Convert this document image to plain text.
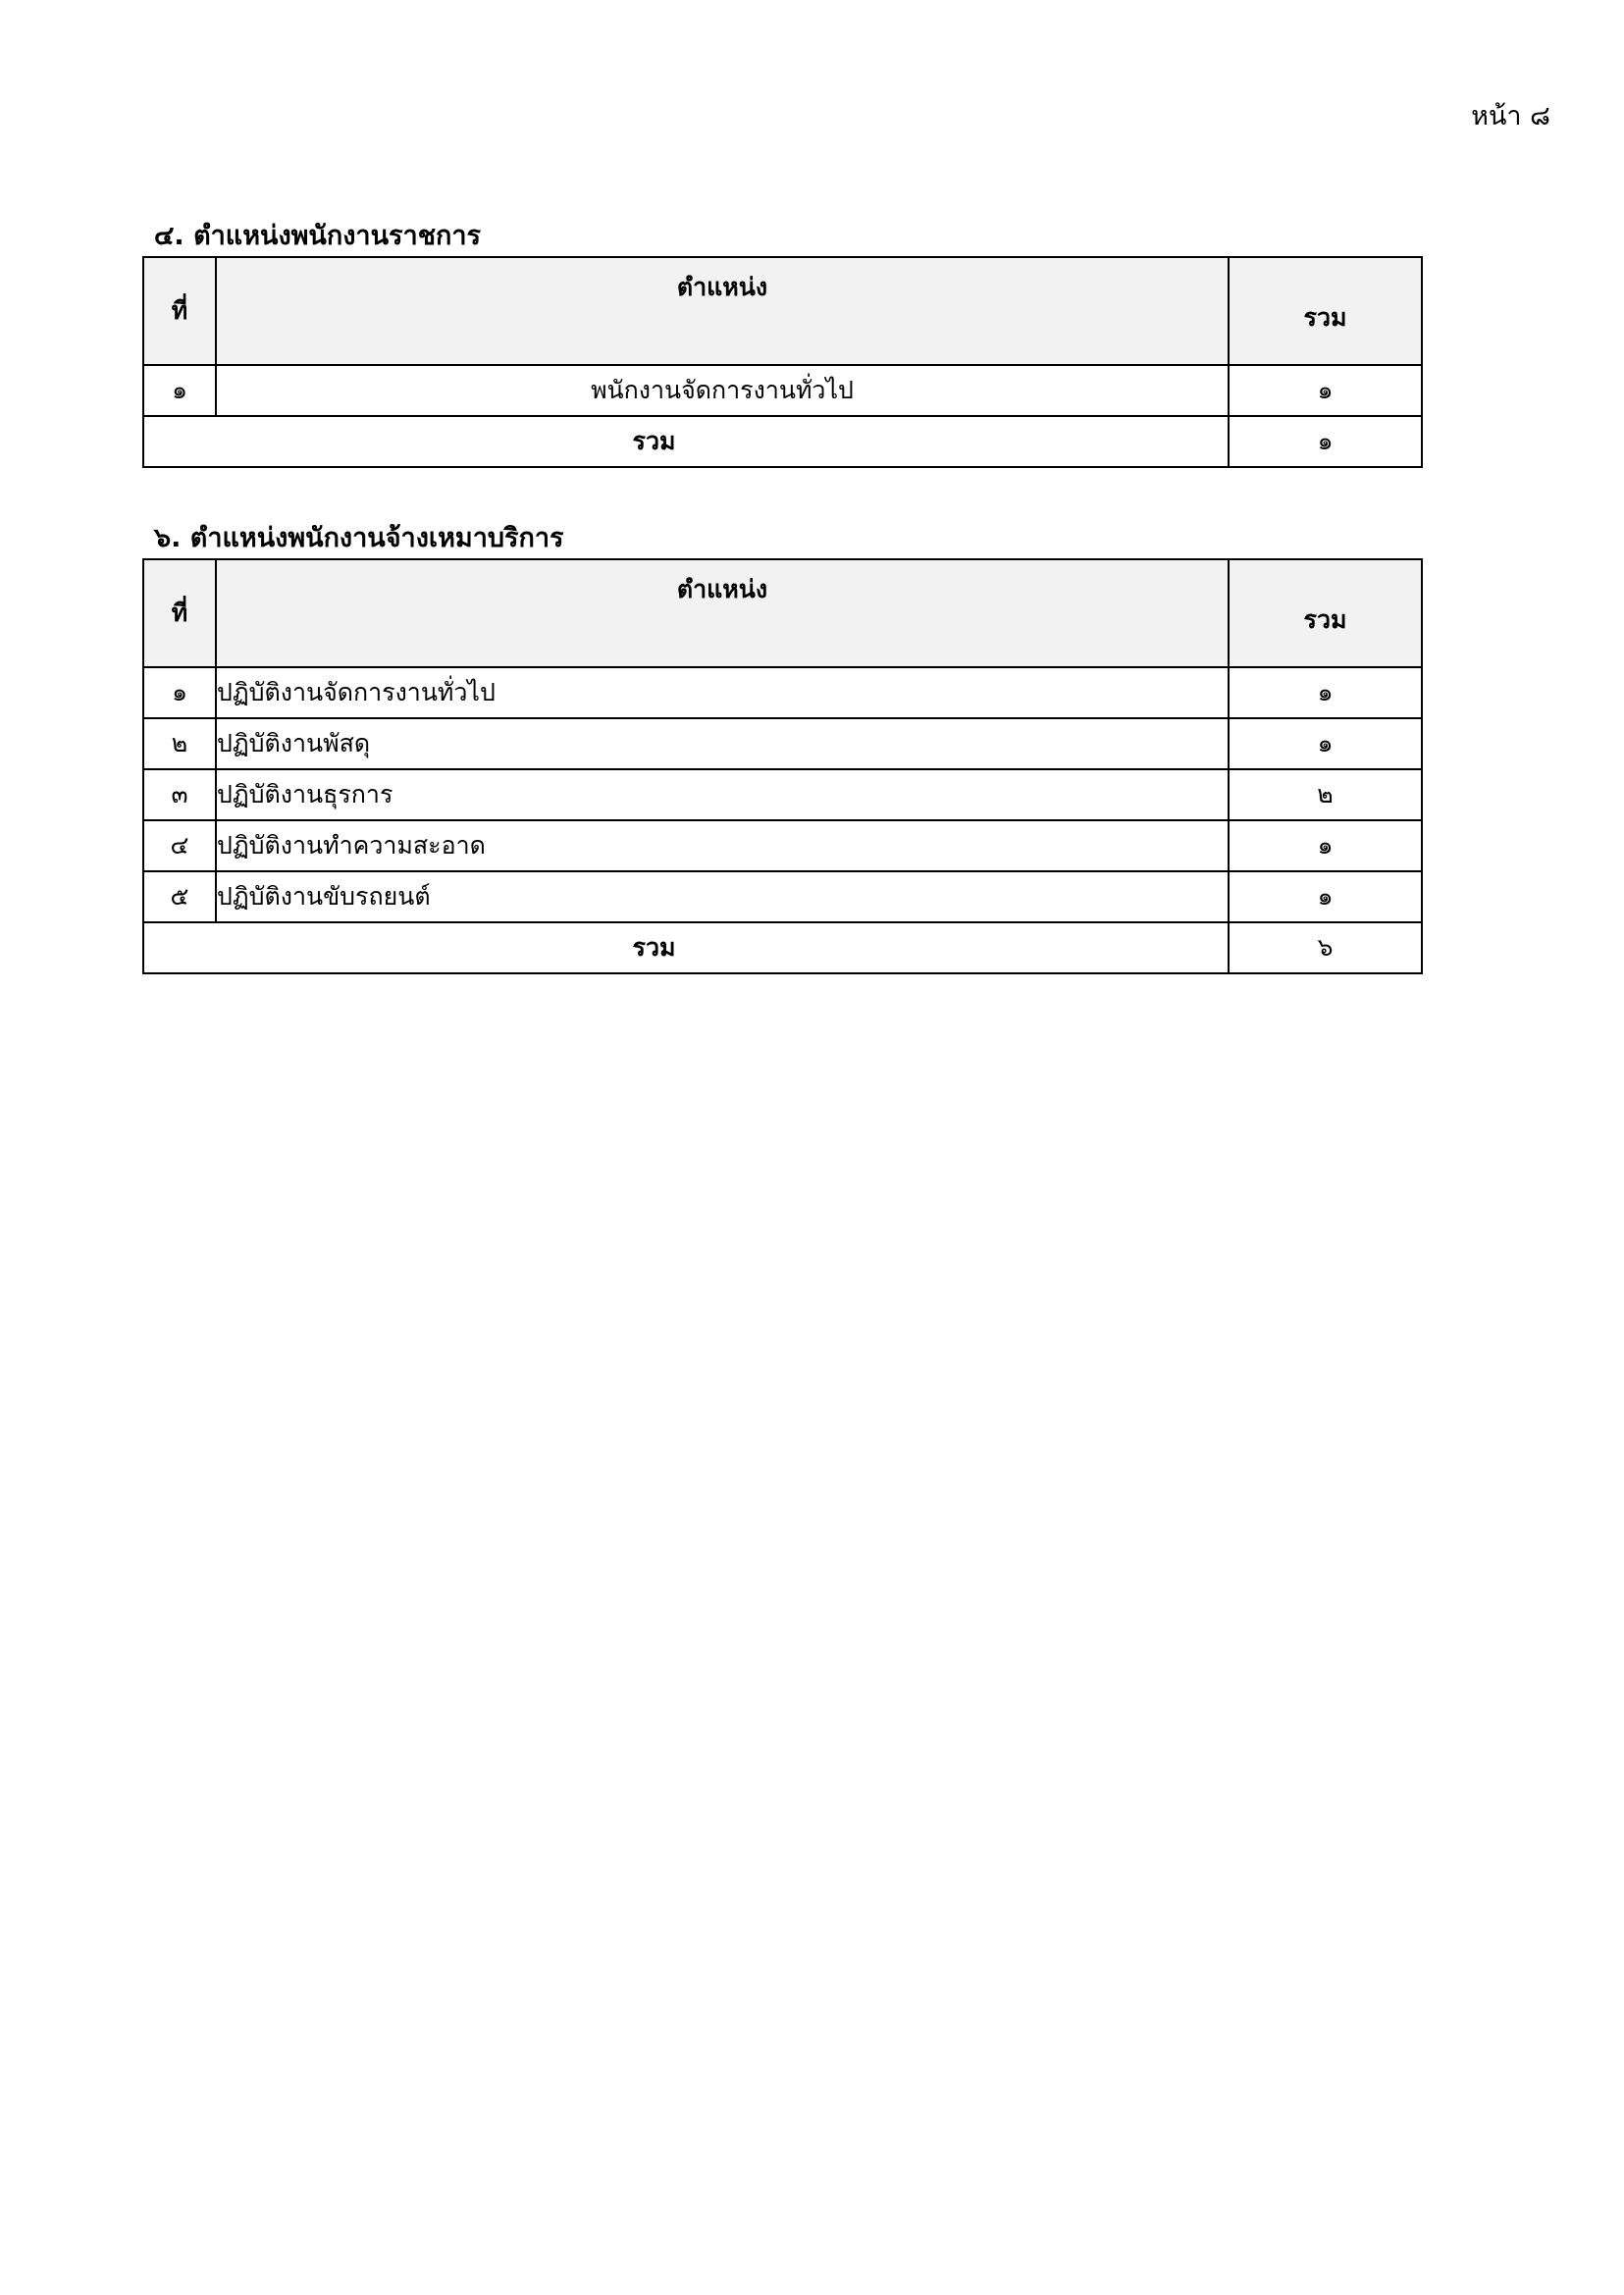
หน้า ๘
๔. ตำแหน่งพนักงานราชการ
ที่	ตำแหน่ง	รวม
๑	พนักงานจัดการงานทั่วไป	๑
รวม		๑
๖. ตำแหน่งพนักงานจ้างเหมาบริการ
ที่	ตำแหน่ง	รวม
๑	ปฏิบัติงานจัดการงานทั่วไป	๑
๒	ปฏิบัติงานพัสดุ	๑
๓	ปฏิบัติงานธุรการ	๒
๔	ปฏิบัติงานทำความสะอาด	๑
๕	ปฏิบัติงานขับรถยนต์	๑
รวม		๖
